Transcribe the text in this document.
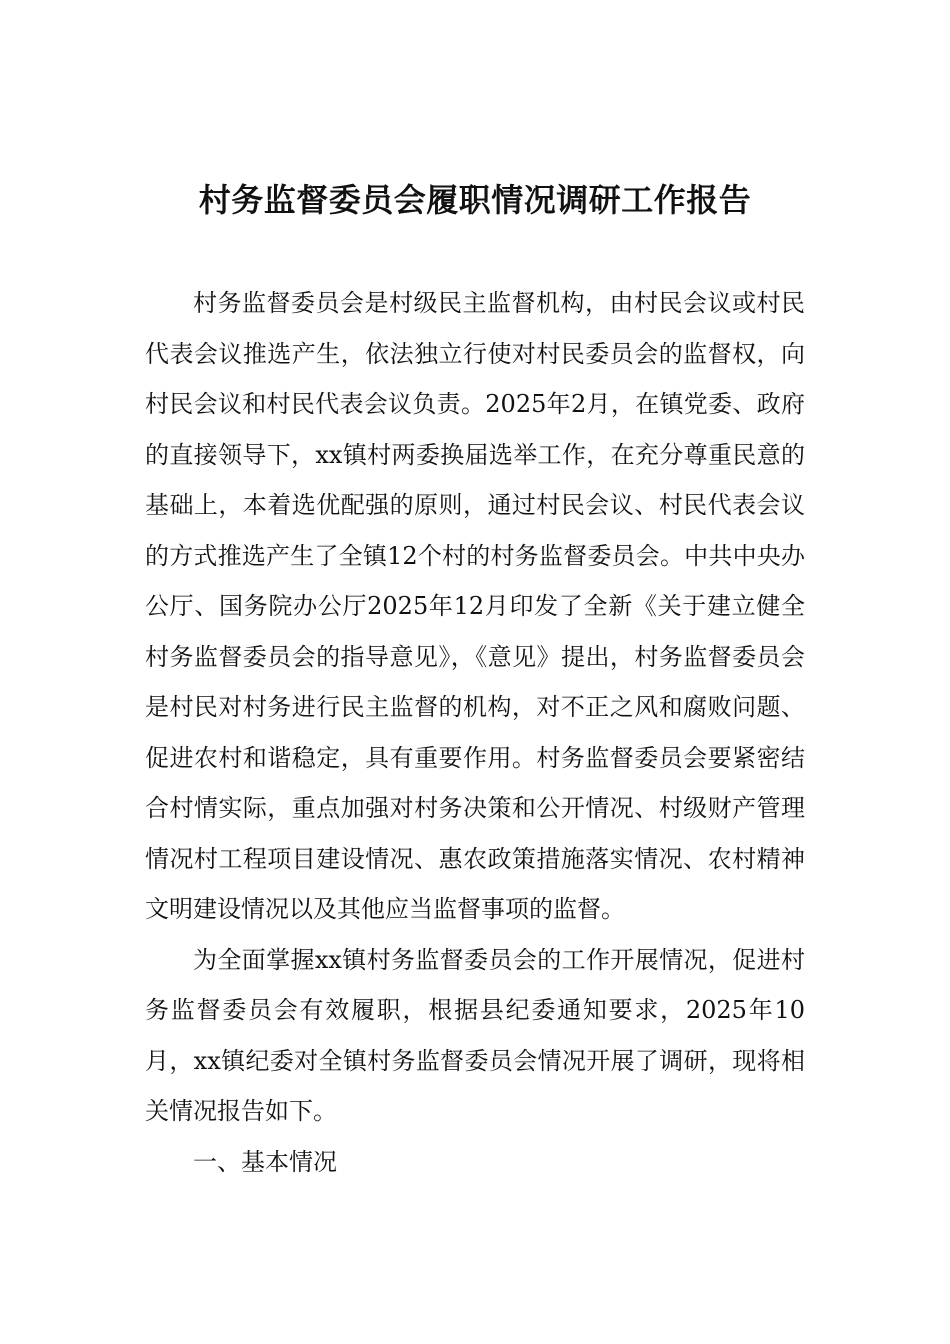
村务监督委员会履职情况调研工作报告

村务监督委员会是村级民主监督机构，由村民会议或村民代表会议推选产生，依法独立行使对村民委员会的监督权，向村民会议和村民代表会议负责。2025年2月，在镇党委、政府的直接领导下，xx镇村两委换届选举工作，在充分尊重民意的基础上，本着选优配强的原则，通过村民会议、村民代表会议的方式推选产生了全镇12个村的村务监督委员会。中共中央办公厅、国务院办公厅2025年12月印发了全新《关于建立健全村务监督委员会的指导意见》，《意见》提出，村务监督委员会是村民对村务进行民主监督的机构，对不正之风和腐败问题、促进农村和谐稳定，具有重要作用。村务监督委员会要紧密结合村情实际，重点加强对村务决策和公开情况、村级财产管理情况村工程项目建设情况、惠农政策措施落实情况、农村精神文明建设情况以及其他应当监督事项的监督。

为全面掌握xx镇村务监督委员会的工作开展情况，促进村务监督委员会有效履职，根据县纪委通知要求，2025年10月，xx镇纪委对全镇村务监督委员会情况开展了调研，现将相关情况报告如下。

一、基本情况
